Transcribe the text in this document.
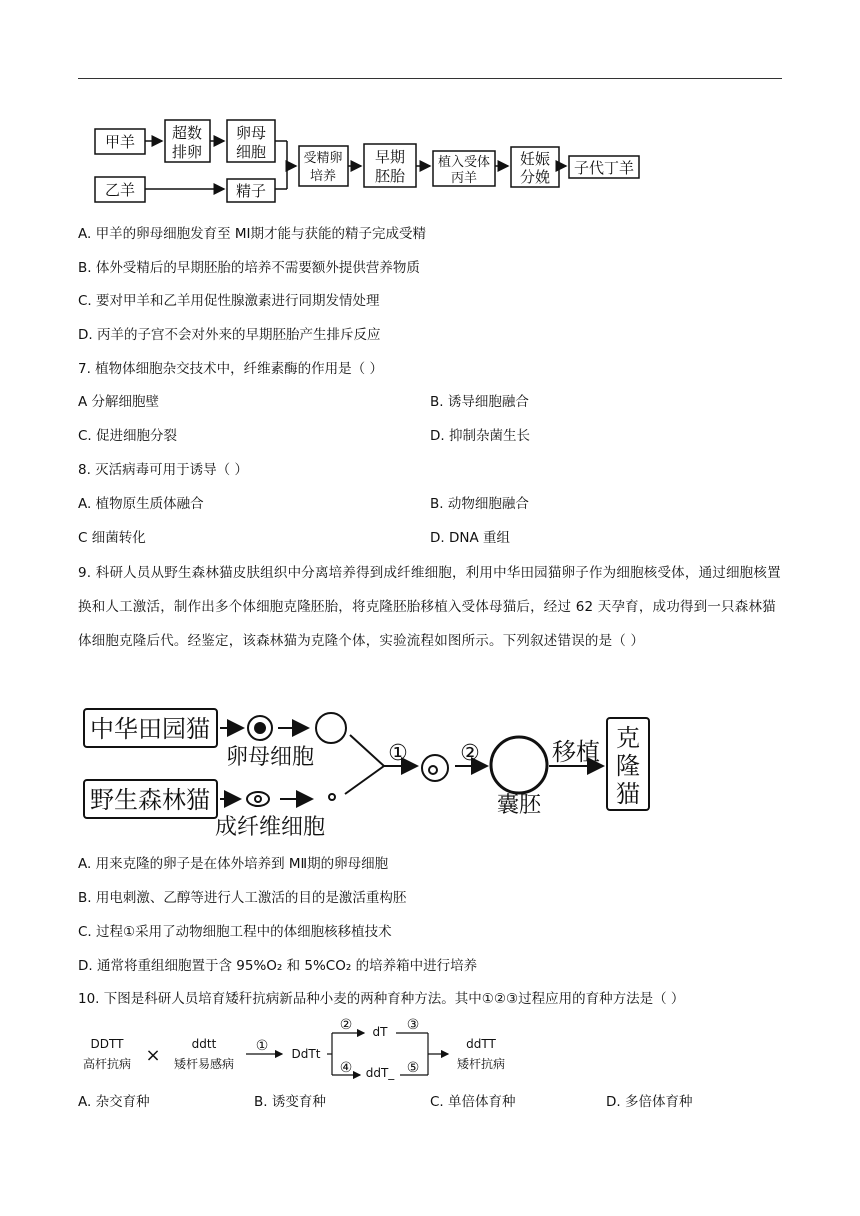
甲羊 超数
排卵
卵母
细胞
乙羊	精子
受精卵
培养
早期
胚胎
植入受体
丙羊
妊娠
分娩 子代丁羊
A. 甲羊的卵母细胞发育至 MⅠ期才能与获能的精子完成受精
B. 体外受精后的早期胚胎的培养不需要额外提供营养物质
C. 要对甲羊和乙羊用促性腺激素进行同期发情处理
D. 丙羊的子宫不会对外来的早期胚胎产生排斥反应
7. 植物体细胞杂交技术中，纤维素酶的作用是（ ）
A 分解细胞壁	B. 诱导细胞融合
C. 促进细胞分裂	D. 抑制杂菌生长
8. 灭活病毒可用于诱导（ ）
A. 植物原生质体融合	B. 动物细胞融合
C 细菌转化	D. DNA 重组
9. 科研人员从野生森林猫皮肤组织中分离培养得到成纤维细胞，利用中华田园猫卵子作为细胞核受体，通过细胞核置换和人工激活，制作出多个体细胞克隆胚胎，将克隆胚胎移植入受体母猫后，经过 62 天孕育，成功得到一只森林猫体细胞克隆后代。经鉴定，该森林猫为克隆个体，实验流程如图所示。下列叙述错误的是（ ）
中华田园猫
野生森林猫
移植 克
隆
猫
卵母细胞
成纤维细胞
囊胚
① ②
A. 用来克隆的卵子是在体外培养到 MⅡ期的卵母细胞
B. 用电刺激、乙醇等进行人工激活的目的是激活重构胚
C. 过程①采用了动物细胞工程中的体细胞核移植技术
D. 通常将重组细胞置于含 95%O₂ 和 5%CO₂ 的培养箱中进行培养
10. 下图是科研人员培育矮秆抗病新品种小麦的两种育种方法。其中①②③过程应用的育种方法是（ ）
DDTT
高杆抗病
ddtt
矮杆易感病
DdTt
dT
ddT_
ddTT
矮杆抗病
×	①
②
④
③
⑤
A. 杂交育种	B. 诱变育种	C. 单倍体育种	D. 多倍体育种
